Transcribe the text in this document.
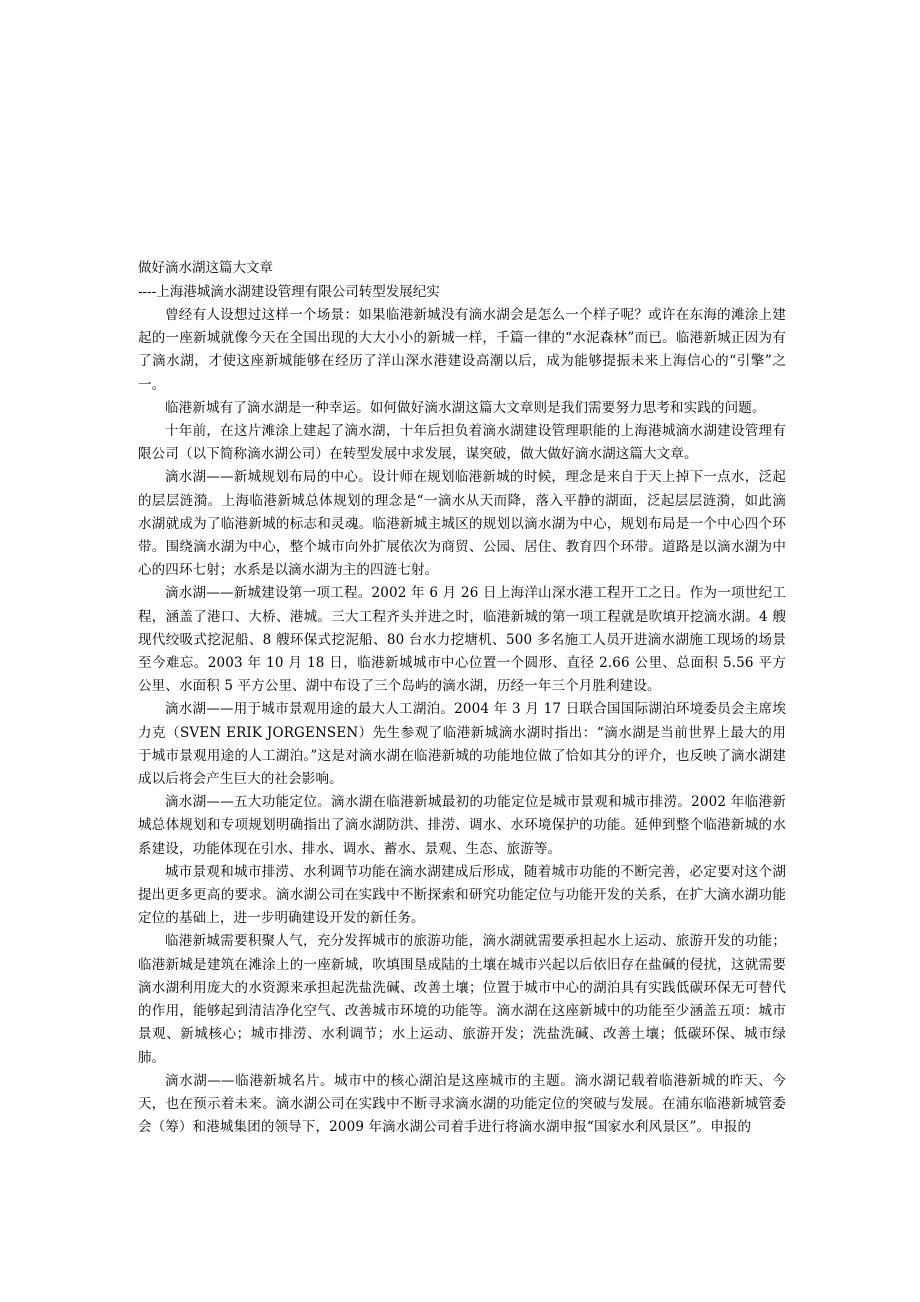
做好滴水湖这篇大文章

----上海港城滴水湖建设管理有限公司转型发展纪实

曾经有人设想过这样一个场景：如果临港新城没有滴水湖会是怎么一个样子呢？或许在东海的滩涂上建起的一座新城就像今天在全国出现的大大小小的新城一样，千篇一律的“水泥森林”而已。临港新城正因为有了滴水湖，才使这座新城能够在经历了洋山深水港建设高潮以后，成为能够提振未来上海信心的“引擎”之一。

临港新城有了滴水湖是一种幸运。如何做好滴水湖这篇大文章则是我们需要努力思考和实践的问题。

十年前，在这片滩涂上建起了滴水湖，十年后担负着滴水湖建设管理职能的上海港城滴水湖建设管理有限公司（以下简称滴水湖公司）在转型发展中求发展，谋突破，做大做好滴水湖这篇大文章。

滴水湖——新城规划布局的中心。设计师在规划临港新城的时候，理念是来自于天上掉下一点水，泛起的层层涟漪。上海临港新城总体规划的理念是“一滴水从天而降，落入平静的湖面，泛起层层涟漪，如此滴水湖就成为了临港新城的标志和灵魂。临港新城主城区的规划以滴水湖为中心，规划布局是一个中心四个环带。围绕滴水湖为中心，整个城市向外扩展依次为商贸、公园、居住、教育四个环带。道路是以滴水湖为中心的四环七射；水系是以滴水湖为主的四涟七射。

滴水湖——新城建设第一项工程。2002 年 6 月 26 日上海洋山深水港工程开工之日。作为一项世纪工程，涵盖了港口、大桥、港城。三大工程齐头并进之时，临港新城的第一项工程就是吹填开挖滴水湖。4 艘现代绞吸式挖泥船、8 艘环保式挖泥船、80 台水力挖塘机、500 多名施工人员开进滴水湖施工现场的场景至今难忘。2003 年 10 月 18 日，临港新城城市中心位置一个圆形、直径 2.66 公里、总面积 5.56 平方公里、水面积 5 平方公里、湖中布设了三个岛屿的滴水湖，历经一年三个月胜利建设。

滴水湖——用于城市景观用途的最大人工湖泊。2004 年 3 月 17 日联合国国际湖泊环境委员会主席埃力克（SVEN ERIK JORGENSEN）先生参观了临港新城滴水湖时指出：“滴水湖是当前世界上最大的用于城市景观用途的人工湖泊。”这是对滴水湖在临港新城的功能地位做了恰如其分的评介，也反映了滴水湖建成以后将会产生巨大的社会影响。

滴水湖——五大功能定位。滴水湖在临港新城最初的功能定位是城市景观和城市排涝。2002 年临港新城总体规划和专项规划明确指出了滴水湖防洪、排涝、调水、水环境保护的功能。延伸到整个临港新城的水系建设，功能体现在引水、排水、调水、蓄水、景观、生态、旅游等。

城市景观和城市排涝、水利调节功能在滴水湖建成后形成，随着城市功能的不断完善，必定要对这个湖提出更多更高的要求。滴水湖公司在实践中不断探索和研究功能定位与功能开发的关系，在扩大滴水湖功能定位的基础上，进一步明确建设开发的新任务。

临港新城需要积聚人气，充分发挥城市的旅游功能，滴水湖就需要承担起水上运动、旅游开发的功能；临港新城是建筑在滩涂上的一座新城，吹填围垦成陆的土壤在城市兴起以后依旧存在盐碱的侵扰，这就需要滴水湖利用庞大的水资源来承担起洗盐洗碱、改善土壤；位置于城市中心的湖泊具有实践低碳环保无可替代的作用，能够起到清洁净化空气、改善城市环境的功能等。滴水湖在这座新城中的功能至少涵盖五项：城市景观、新城核心；城市排涝、水利调节；水上运动、旅游开发；洗盐洗碱、改善土壤；低碳环保、城市绿肺。

滴水湖——临港新城名片。城市中的核心湖泊是这座城市的主题。滴水湖记载着临港新城的昨天、今天，也在预示着未来。滴水湖公司在实践中不断寻求滴水湖的功能定位的突破与发展。在浦东临港新城管委会（筹）和港城集团的领导下，2009 年滴水湖公司着手进行将滴水湖申报“国家水利风景区”。申报的
